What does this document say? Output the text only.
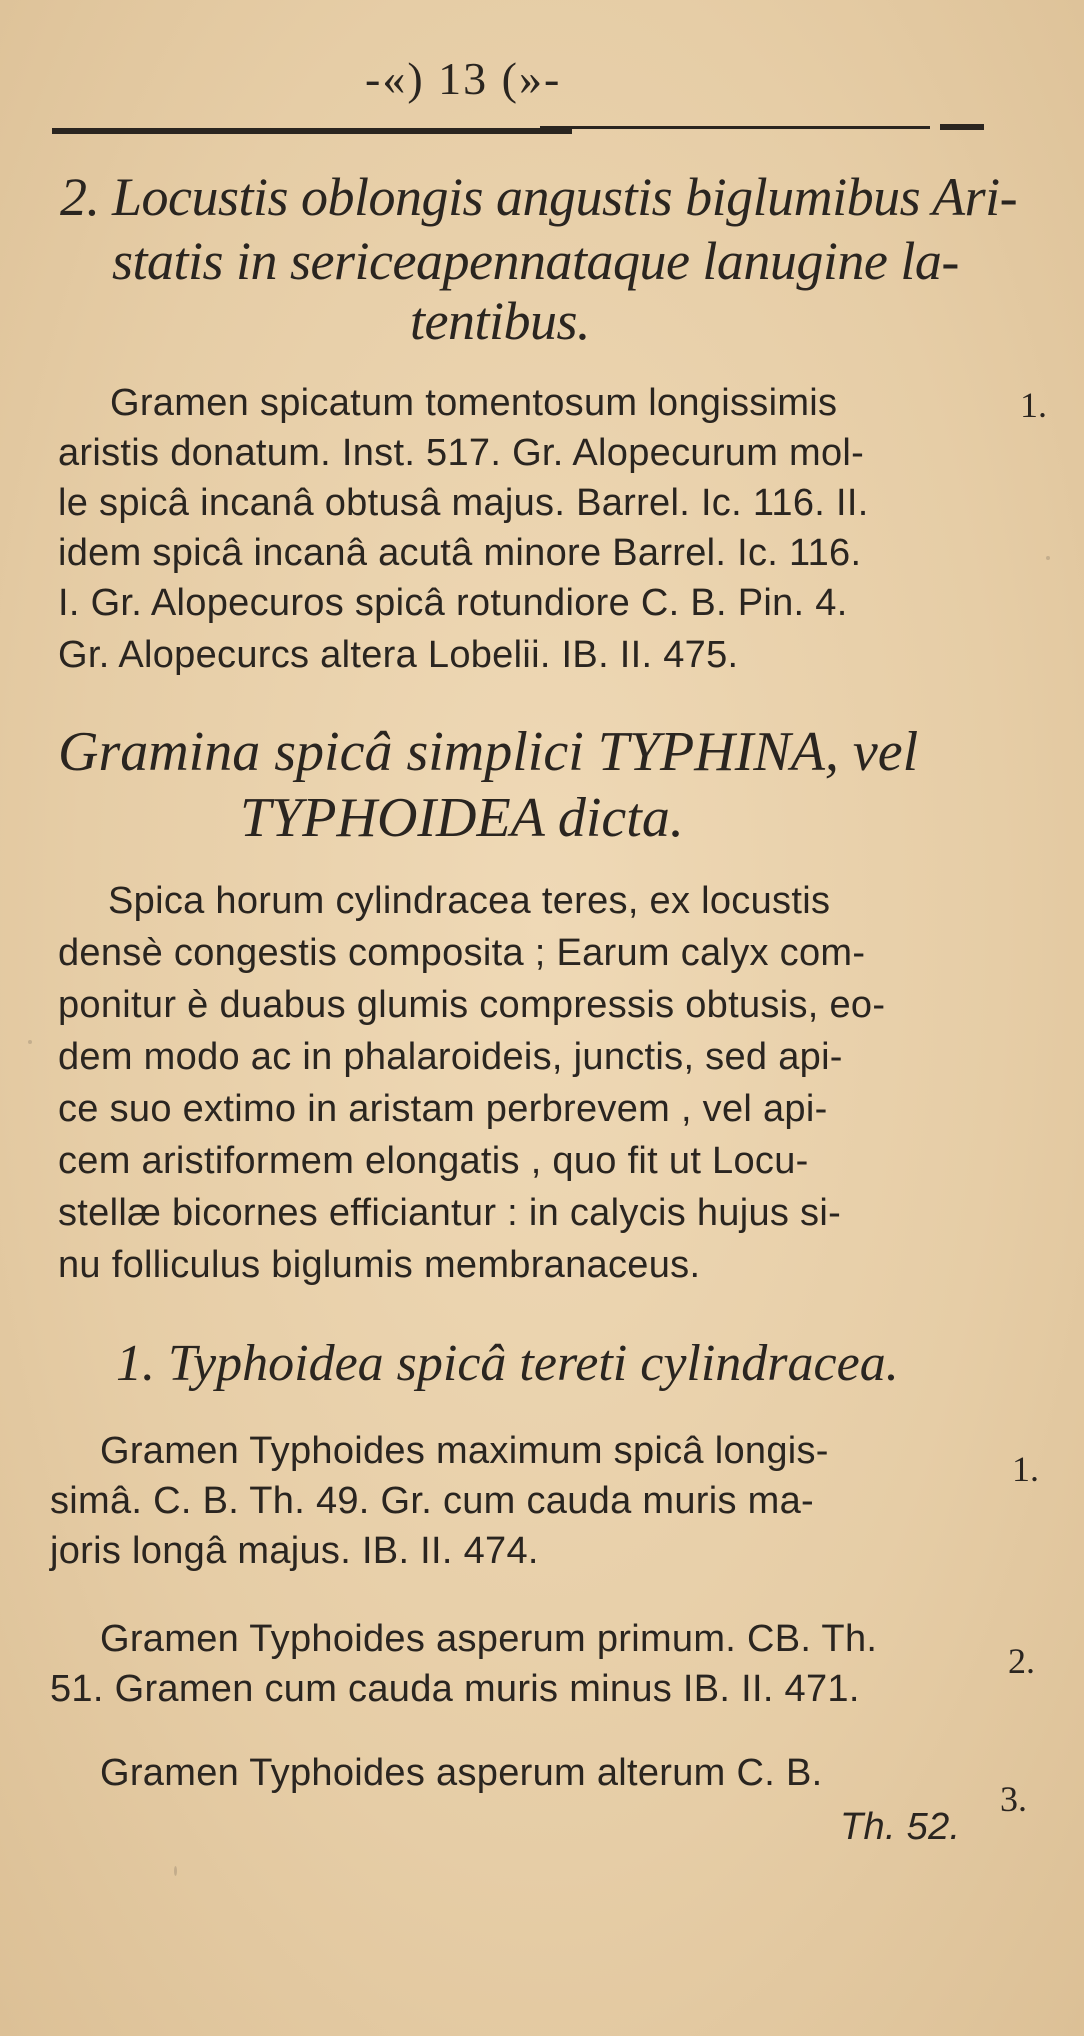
-«) 13 (»-
2. Locustis oblongis angustis biglumibus Ari-
statis in sericeapennataque lanugine la-
tentibus.
Gramen spicatum tomentosum longissimis	1.
aristis donatum. Inst. 517. Gr. Alopecurum mol-
le spicâ incanâ obtusâ majus. Barrel. Ic. 116. II.
idem spicâ incanâ acutâ minore Barrel. Ic. 116.
I. Gr. Alopecuros spicâ rotundiore C. B. Pin. 4.
Gr. Alopecurcs altera Lobelii. IB. II. 475.
Gramina spicâ simplici TYPHINA, vel
TYPHOIDEA dicta.
Spica horum cylindracea teres, ex locustis
densè congestis composita ; Earum calyx com-
ponitur è duabus glumis compressis obtusis, eo-
dem modo ac in phalaroideis, junctis, sed api-
ce suo extimo in aristam perbrevem , vel api-
cem aristiformem elongatis , quo fit ut Locu-
stellæ bicornes efficiantur : in calycis hujus si-
nu folliculus biglumis membranaceus.
1. Typhoidea spicâ tereti cylindracea.
Gramen Typhoides maximum spicâ longis-	1.
simâ. C. B. Th. 49. Gr. cum cauda muris ma-
joris longâ majus. IB. II. 474.
Gramen Typhoides asperum primum. CB. Th.
2.
51. Gramen cum cauda muris minus IB. II. 471.
Gramen Typhoides asperum alterum C. B.
3.
Th. 52.
